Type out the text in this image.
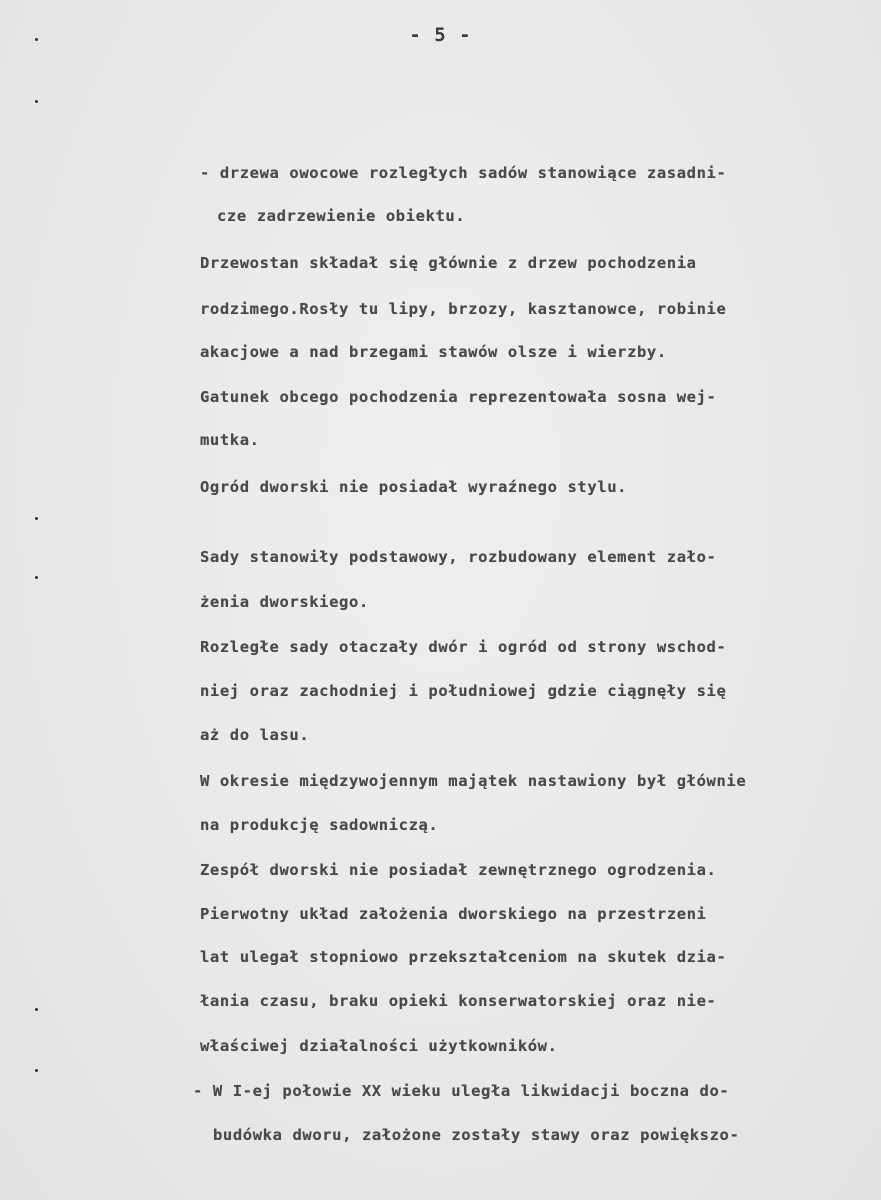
- 5 -
- drzewa owocowe rozległych sadów stanowiące zasadni-
cze zadrzewienie obiektu.
Drzewostan składał się głównie z drzew pochodzenia
rodzimego.Rosły tu lipy, brzozy, kasztanowce, robinie
akacjowe a nad brzegami stawów olsze i wierzby.
Gatunek obcego pochodzenia reprezentowała sosna wej-
mutka.
Ogród dworski nie posiadał wyraźnego stylu.
Sady stanowiły podstawowy, rozbudowany element zało-
żenia dworskiego.
Rozległe sady otaczały dwór i ogród od strony wschod-
niej oraz zachodniej i południowej gdzie ciągnęły się
aż do lasu.
W okresie międzywojennym majątek nastawiony był głównie
na produkcję sadowniczą.
Zespół dworski nie posiadał zewnętrznego ogrodzenia.
Pierwotny układ założenia dworskiego na przestrzeni
lat ulegał stopniowo przekształceniom na skutek dzia-
łania czasu, braku opieki konserwatorskiej oraz nie-
właściwej działalności użytkowników.
- W I-ej połowie XX wieku uległa likwidacji boczna do-
budówka dworu, założone zostały stawy oraz powiększo-
